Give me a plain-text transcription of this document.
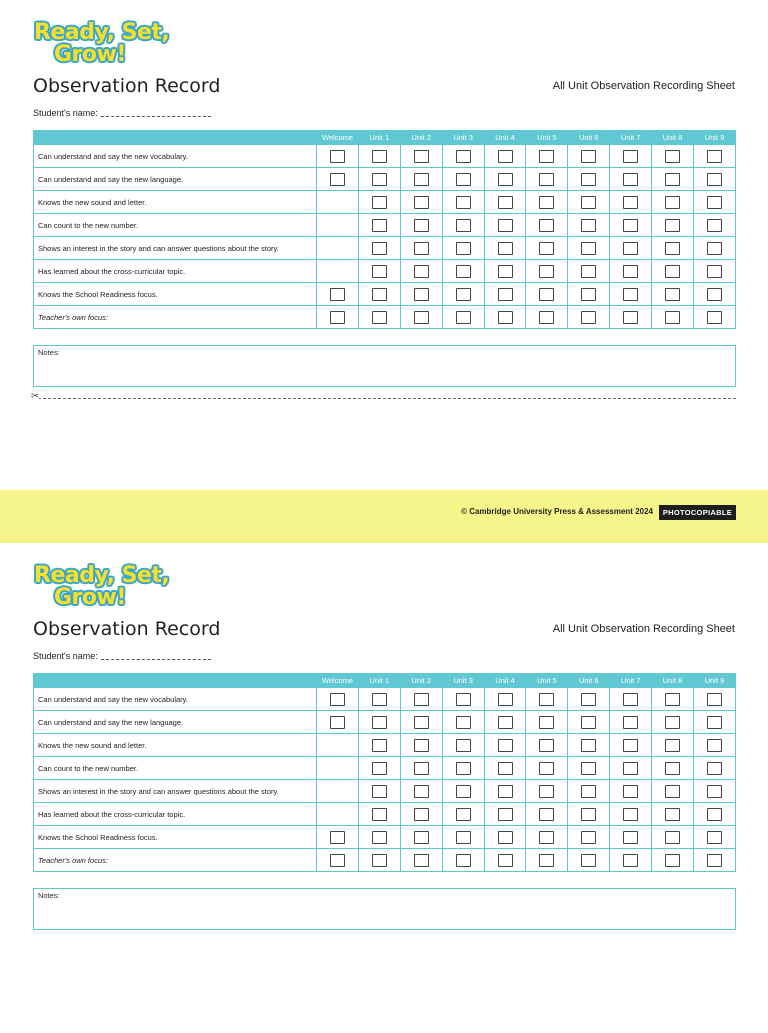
Ready, Set,
Grow!
Observation Record	All Unit Observation Recording Sheet
Student's name:
	Welcome	Unit 1	Unit 2	Unit 3	Unit 4	Unit 5	Unit 6	Unit 7	Unit 8	Unit 9
Can understand and say the new vocabulary.										
Can understand and say the new language.										
Knows the new sound and letter.										
Can count to the new number.										
Shows an interest in the story and can answer questions about the story.										
Has learned about the cross-curricular topic.										
Knows the School Readiness focus.										
Teacher's own focus:										
Notes:
✂
© Cambridge University Press & Assessment 2024	PHOTOCOPIABLE
Ready, Set,
Grow!
Observation Record	All Unit Observation Recording Sheet
Student's name:
	Welcome	Unit 1	Unit 2	Unit 3	Unit 4	Unit 5	Unit 6	Unit 7	Unit 8	Unit 9
Can understand and say the new vocabulary.										
Can understand and say the new language.										
Knows the new sound and letter.										
Can count to the new number.										
Shows an interest in the story and can answer questions about the story.										
Has learned about the cross-curricular topic.										
Knows the School Readiness focus.										
Teacher's own focus:										
Notes:
